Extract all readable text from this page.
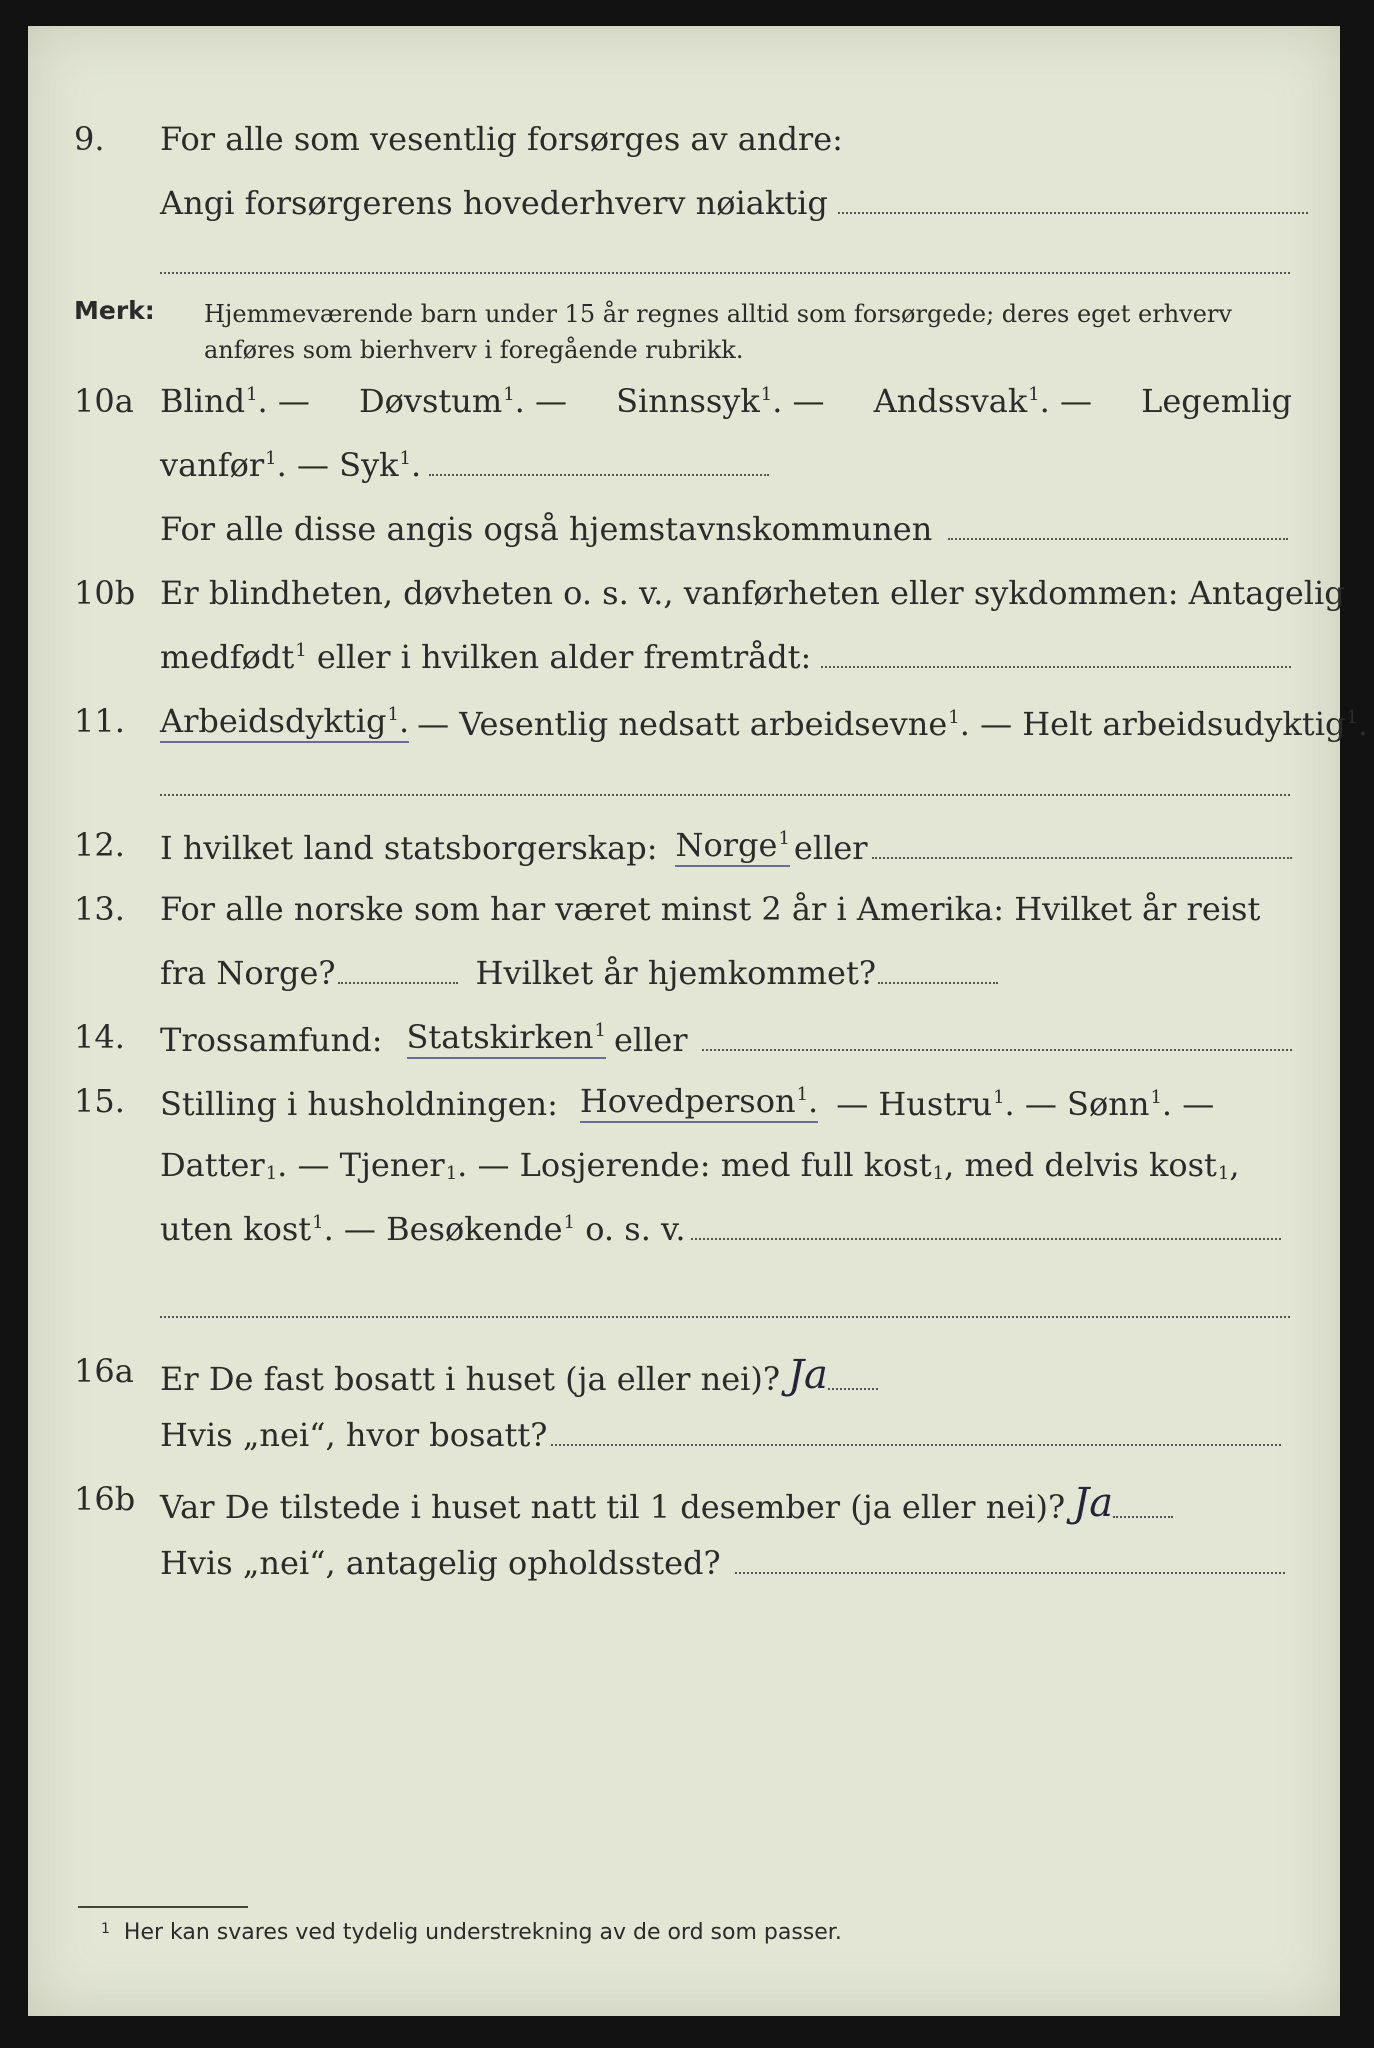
9. For alle som vesentlig forsørges av andre:
Angi forsørgerens hovederhverv nøiaktig
Merk: Hjemmeværende barn under 15 år regnes alltid som forsørgede; deres eget erhverv anføres som bierhverv i foregående rubrikk.
10a Blind$^1$. — Døvstum$^1$. — Sinnssyk$^1$. — Andssvak$^1$. — Legemlig
vanfør$^1$. — Syk$^1$.
For alle disse angis også hjemstavnskommunen
10b Er blindheten, døvheten o. s. v., vanførheten eller sykdommen: Antagelig
medfødt$^1$ eller i hvilken alder fremtrådt:
11. Arbeidsdyktig$^1$. — Vesentlig nedsatt arbeidsevne$^1$. — Helt arbeidsudyktig$^1$.
12. I hvilket land statsborgerskap: Norge$^1$ eller
13. For alle norske som har været minst 2 år i Amerika: Hvilket år reist
fra Norge?	Hvilket år hjemkommet?
14. Trossamfund: Statskirken$^1$ eller
15. Stilling i husholdningen: Hovedperson$^1$. — Hustru$^1$. — Sønn$^1$. —
Datter 1 . — Tjener 1 . — Losjerende: med full kost 1 , med delvis kost 1 ,
uten kost$^1$. — Besøkende$^1$ o. s. v.
16a Er De fast bosatt i huset (ja eller nei)? Ja
Hvis „nei“, hvor bosatt?
16b Var De tilstede i huset natt til 1 desember (ja eller nei)? Ja
Hvis „nei“, antagelig opholdssted?
$^1$ Her kan svares ved tydelig understrekning av de ord som passer.
